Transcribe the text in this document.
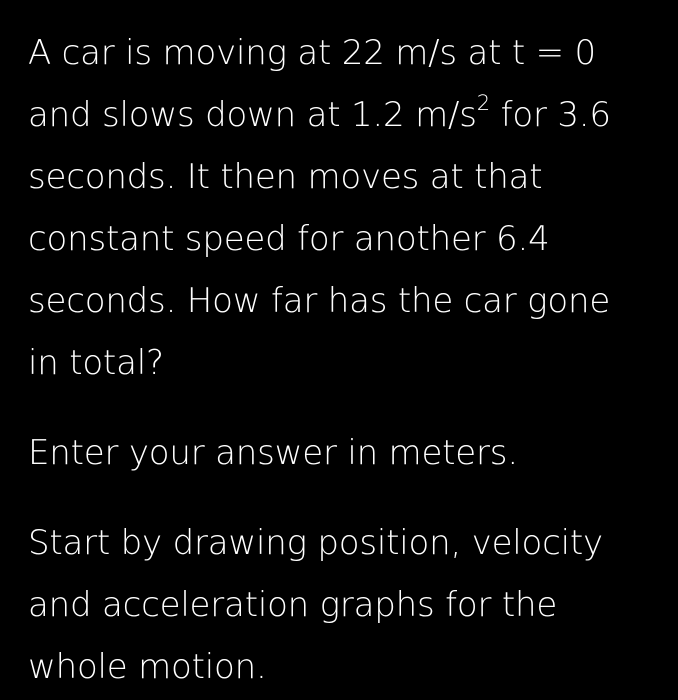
A car is moving at 22 m/s at t = 0
and slows down at 1.2 $m/s^2$ for 3.6
seconds. It then moves at that
constant speed for another 6.4
seconds. How far has the car gone
in total?

Enter your answer in meters.

Start by drawing position, velocity
and acceleration graphs for the
whole motion.
